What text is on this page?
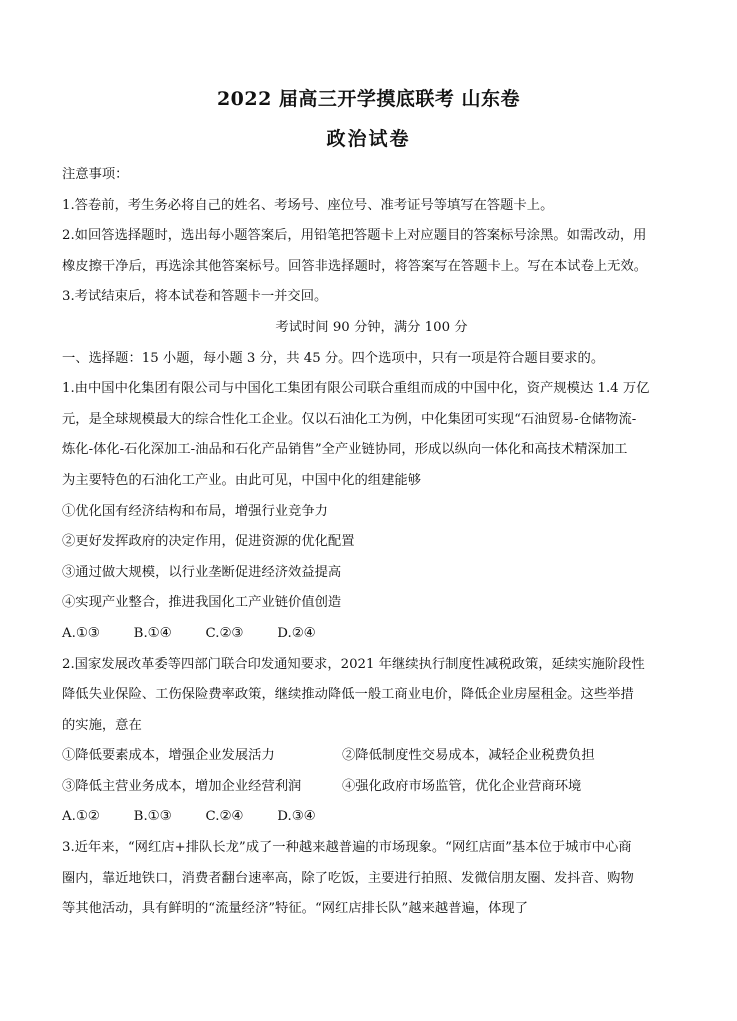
2022 届高三开学摸底联考 山东卷
政治试卷
注意事项：
1.答卷前，考生务必将自己的姓名、考场号、座位号、准考证号等填写在答题卡上。
2.如回答选择题时，选出每小题答案后，用铅笔把答题卡上对应题目的答案标号涂黑。如需改动，用
橡皮擦干净后，再选涂其他答案标号。回答非选择题时，将答案写在答题卡上。写在本试卷上无效。
3.考试结束后，将本试卷和答题卡一并交回。
考试时间 90 分钟，满分 100 分
一、选择题：15 小题，每小题 3 分，共 45 分。四个选项中，只有一项是符合题目要求的。
1.由中国中化集团有限公司与中国化工集团有限公司联合重组而成的中国中化，资产规模达 1.4 万亿
元，是全球规模最大的综合性化工企业。仅以石油化工为例，中化集团可实现“石油贸易-仓储物流-
炼化-体化-石化深加工-油品和石化产品销售”全产业链协同，形成以纵向一体化和高技术精深加工
为主要特色的石油化工产业。由此可见，中国中化的组建能够
①优化国有经济结构和布局，增强行业竞争力
②更好发挥政府的决定作用，促进资源的优化配置
③通过做大规模，以行业垄断促进经济效益提高
④实现产业整合，推进我国化工产业链价值创造
A.①③	B.①④	C.②③	D.②④
2.国家发展改革委等四部门联合印发通知要求，2021 年继续执行制度性减税政策，延续实施阶段性
降低失业保险、工伤保险费率政策，继续推动降低一般工商业电价，降低企业房屋租金。这些举措
的实施，意在
①降低要素成本，增强企业发展活力	②降低制度性交易成本，减轻企业税费负担
③降低主营业务成本，增加企业经营利润	④强化政府市场监管，优化企业营商环境
A.①②	B.①③	C.②④	D.③④
3.近年来，“网红店+排队长龙”成了一种越来越普遍的市场现象。“网红店面”基本位于城市中心商
圈内，靠近地铁口，消费者翻台速率高，除了吃饭，主要进行拍照、发微信朋友圈、发抖音、购物
等其他活动，具有鲜明的“流量经济”特征。“网红店排长队”越来越普遍，体现了
